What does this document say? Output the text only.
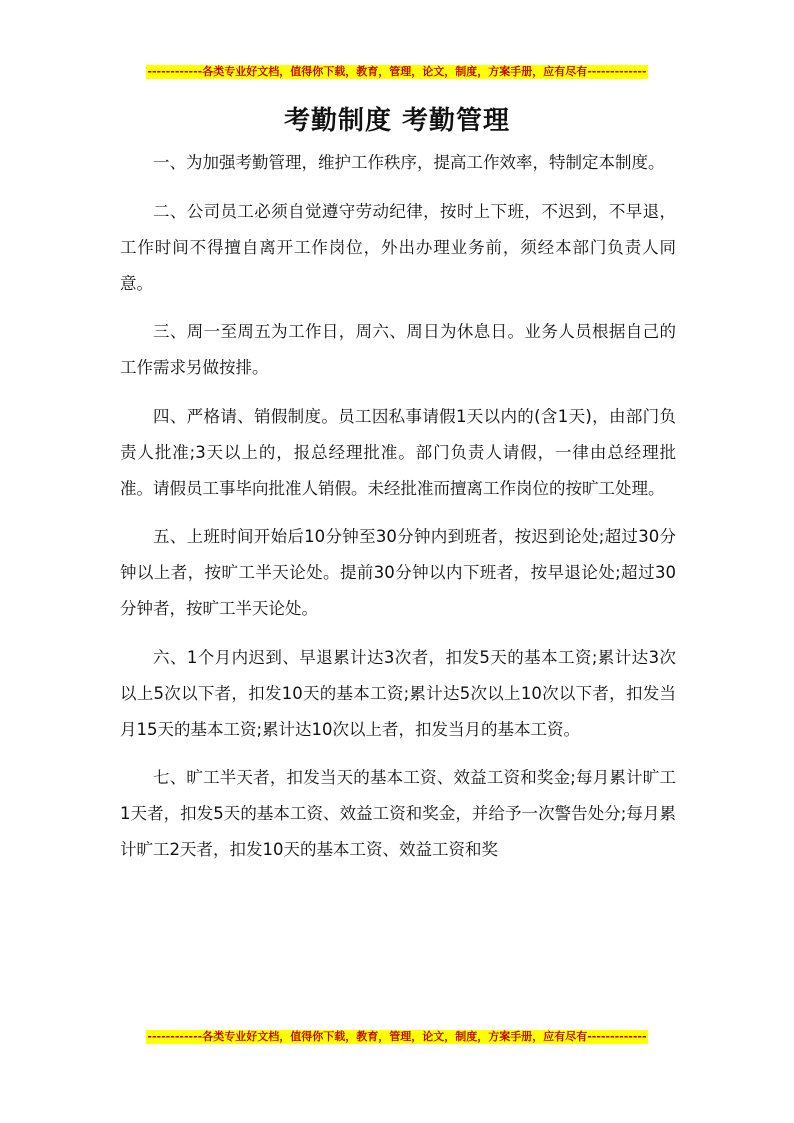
------------各类专业好文档，值得你下载，教育，管理，论文，制度，方案手册，应有尽有-------------
考勤制度 考勤管理

一、为加强考勤管理，维护工作秩序，提高工作效率，特制定本制度。

二、公司员工必须自觉遵守劳动纪律，按时上下班，不迟到，不早退，工作时间不得擅自离开工作岗位，外出办理业务前，须经本部门负责人同意。

三、周一至周五为工作日，周六、周日为休息日。业务人员根据自己的工作需求另做按排。

四、严格请、销假制度。员工因私事请假1天以内的(含1天)，由部门负责人批准;3天以上的，报总经理批准。部门负责人请假，一律由总经理批准。请假员工事毕向批准人销假。未经批准而擅离工作岗位的按旷工处理。

五、上班时间开始后10分钟至30分钟内到班者，按迟到论处;超过30分钟以上者，按旷工半天论处。提前30分钟以内下班者，按早退论处;超过30分钟者，按旷工半天论处。

六、1个月内迟到、早退累计达3次者，扣发5天的基本工资;累计达3次以上5次以下者，扣发10天的基本工资;累计达5次以上10次以下者，扣发当月15天的基本工资;累计达10次以上者，扣发当月的基本工资。

七、旷工半天者，扣发当天的基本工资、效益工资和奖金;每月累计旷工1天者，扣发5天的基本工资、效益工资和奖金，并给予一次警告处分;每月累计旷工2天者，扣发10天的基本工资、效益工资和奖

------------各类专业好文档，值得你下载，教育，管理，论文，制度，方案手册，应有尽有-------------
